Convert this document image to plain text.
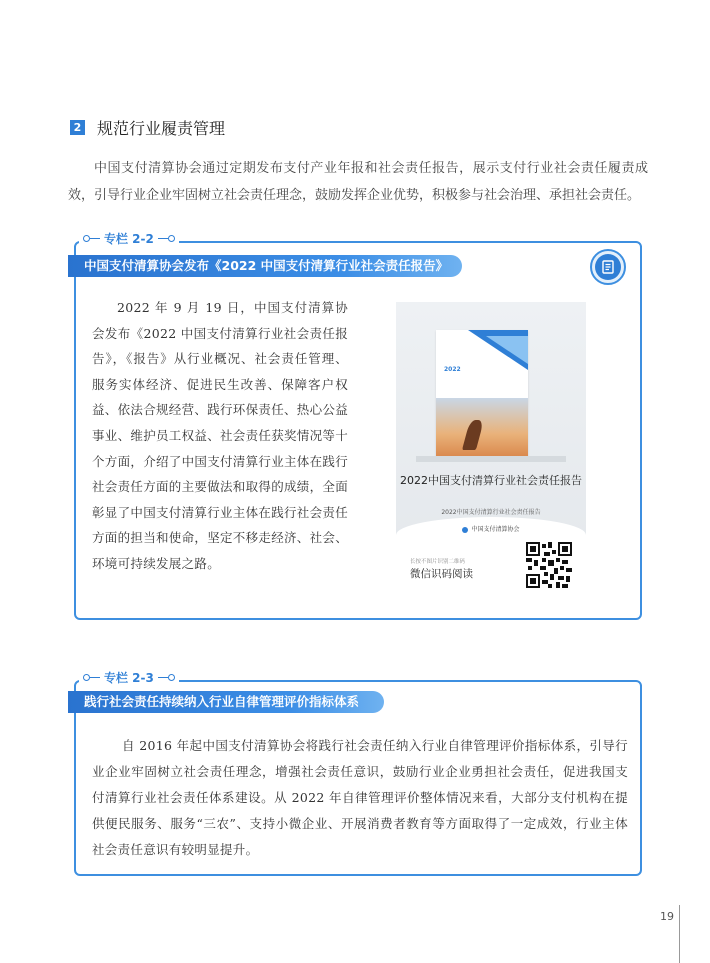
2 规范行业履责管理

中国支付清算协会通过定期发布支付产业年报和社会责任报告，展示支付行业社会责任履责成效，引导行业企业牢固树立社会责任理念，鼓励发挥企业优势，积极参与社会治理、承担社会责任。

专栏 2-2
中国支付清算协会发布《2022 中国支付清算行业社会责任报告》

2022 年 9 月 19 日，中国支付清算协会发布《2022 中国支付清算行业社会责任报告》，《报告》从行业概况、社会责任管理、服务实体经济、促进民生改善、保障客户权益、依法合规经营、践行环保责任、热心公益事业、维护员工权益、社会责任获奖情况等十个方面，介绍了中国支付清算行业主体在践行社会责任方面的主要做法和取得的成绩，全面彰显了中国支付清算行业主体在践行社会责任方面的担当和使命，坚定不移走经济、社会、环境可持续发展之路。

2022
2022中国支付清算行业社会责任报告
2022中国支付清算行业社会责任报告
中国支付清算协会
长按不图片识别二维码
微信识码阅读
专栏 2-3
践行社会责任持续纳入行业自律管理评价指标体系

自 2016 年起中国支付清算协会将践行社会责任纳入行业自律管理评价指标体系，引导行业企业牢固树立社会责任理念，增强社会责任意识，鼓励行业企业勇担社会责任，促进我国支付清算行业社会责任体系建设。从 2022 年自律管理评价整体情况来看，大部分支付机构在提供便民服务、服务“三农”、支持小微企业、开展消费者教育等方面取得了一定成效，行业主体社会责任意识有较明显提升。

19
